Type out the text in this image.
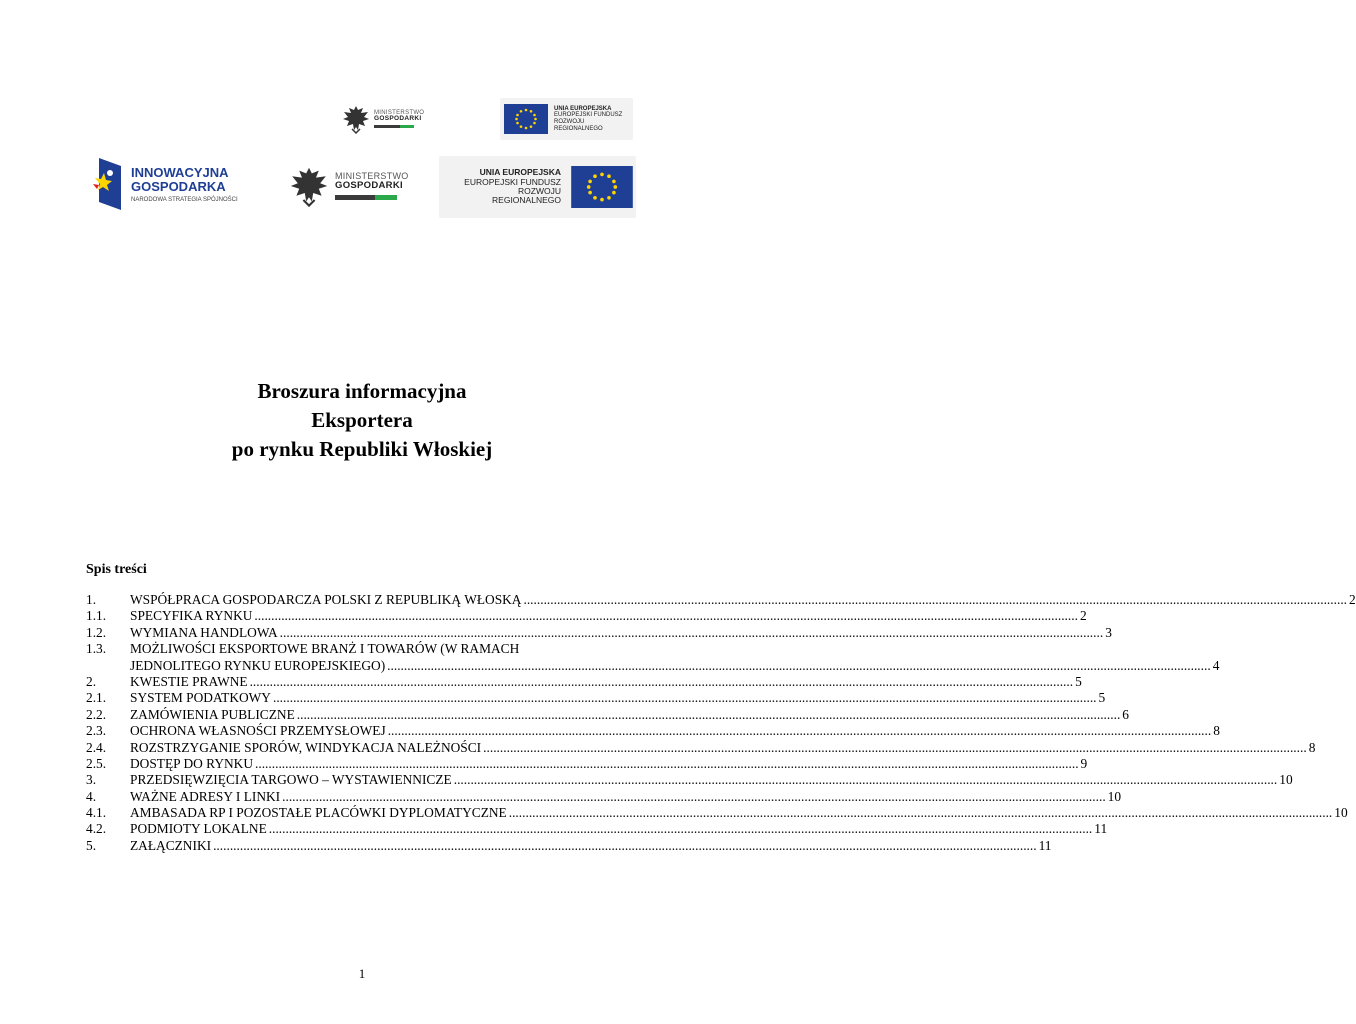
MINISTERSTWO
GOSPODARKI
UNIA EUROPEJSKA
EUROPEJSKI FUNDUSZ
ROZWOJU REGIONALNEGO
INNOWACYJNA
GOSPODARKA
NARODOWA STRATEGIA SPÓJNOŚCI
MINISTERSTWO
GOSPODARKI
UNIA EUROPEJSKA
EUROPEJSKI FUNDUSZ
ROZWOJU REGIONALNEGO
Broszura informacyjna
Eksportera
po rynku Republiki Włoskiej
Spis treści
1.	WSPÓŁPRACA GOSPODARCZA POLSKI Z REPUBLIKĄ WŁOSKĄ .....	2
1.1.	SPECYFIKA RYNKU .....	2
1.2.	WYMIANA HANDLOWA .....	3
1.3.	MOŻLIWOŚCI EKSPORTOWE BRANŻ I TOWARÓW (W RAMACH
JEDNOLITEGO RYNKU EUROPEJSKIEGO) .....	4
2.	KWESTIE PRAWNE .....	5
2.1.	SYSTEM PODATKOWY .....	5
2.2.	ZAMÓWIENIA PUBLICZNE .....	6
2.3.	OCHRONA WŁASNOŚCI PRZEMYSŁOWEJ .....	8
2.4.	ROZSTRZYGANIE SPORÓW, WINDYKACJA NALEŻNOŚCI .....	8
2.5.	DOSTĘP DO RYNKU .....	9
3.	PRZEDSIĘWZIĘCIA TARGOWO – WYSTAWIENNICZE .....	10
4.	WAŻNE ADRESY I LINKI .....	10
4.1.	AMBASADA RP I POZOSTAŁE PLACÓWKI DYPLOMATYCZNE .....	10
4.2.	PODMIOTY LOKALNE .....	11
5.	ZAŁĄCZNIKI .....	11
1
